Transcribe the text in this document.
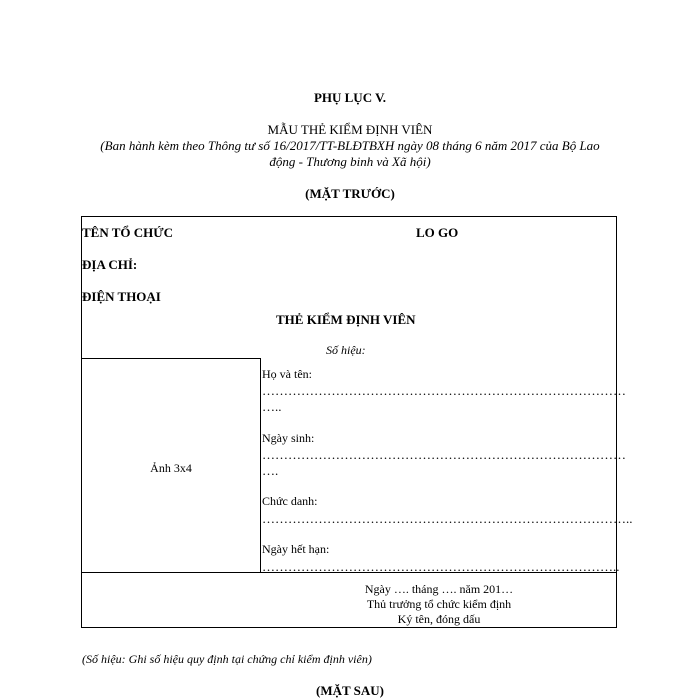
PHỤ LỤC V.
MẪU THẺ KIỂM ĐỊNH VIÊN
(Ban hành kèm theo Thông tư số 16/2017/TT-BLĐTBXH ngày 08 tháng 6 năm 2017 của Bộ Lao
động - Thương binh và Xã hội)
(MẶT TRƯỚC)
TÊN TỔ CHỨC	LO GO
ĐỊA CHỈ:
ĐIỆN THOẠI
THẺ KIỂM ĐỊNH VIÊN
Số hiệu:
Ảnh 3x4
Họ và tên:
…………………………………………………………………………
…..
Ngày sinh:
…………………………………………………………………………
….
Chức danh:
…………………………………………………………………………..
Ngày hết hạn:
………………………………………………………………………..
Ngày …. tháng …. năm 201…
Thủ trưởng tổ chức kiểm định
Ký tên, đóng dấu
(Số hiệu: Ghi số hiệu quy định tại chứng chỉ kiểm định viên)
(MẶT SAU)
